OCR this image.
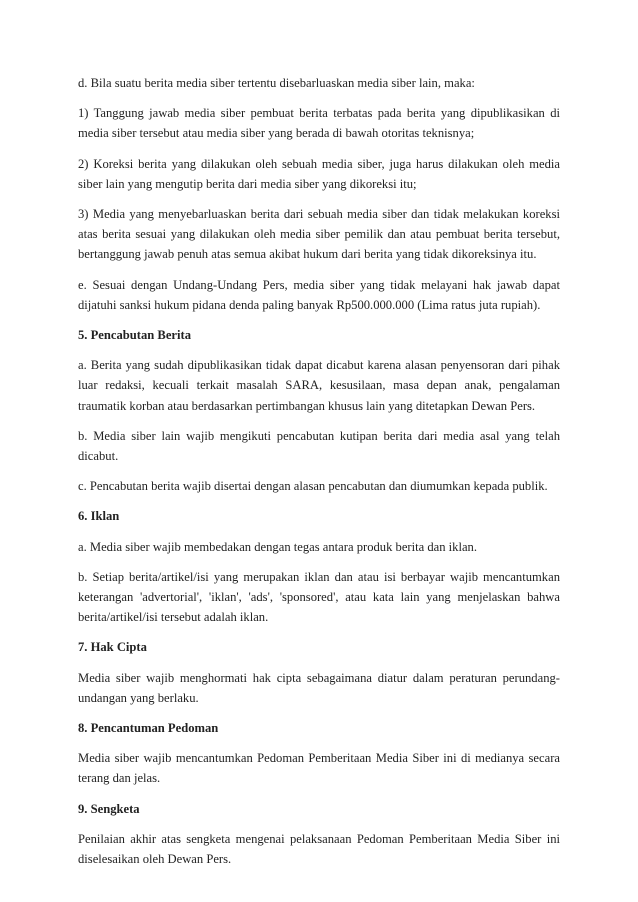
d. Bila suatu berita media siber tertentu disebarluaskan media siber lain, maka:

1) Tanggung jawab media siber pembuat berita terbatas pada berita yang dipublikasikan di media siber tersebut atau media siber yang berada di bawah otoritas teknisnya;

2) Koreksi berita yang dilakukan oleh sebuah media siber, juga harus dilakukan oleh media siber lain yang mengutip berita dari media siber yang dikoreksi itu;

3) Media yang menyebarluaskan berita dari sebuah media siber dan tidak melakukan koreksi atas berita sesuai yang dilakukan oleh media siber pemilik dan atau pembuat berita tersebut, bertanggung jawab penuh atas semua akibat hukum dari berita yang tidak dikoreksinya itu.

e. Sesuai dengan Undang-Undang Pers, media siber yang tidak melayani hak jawab dapat dijatuhi sanksi hukum pidana denda paling banyak Rp500.000.000 (Lima ratus juta rupiah).

5. Pencabutan Berita

a. Berita yang sudah dipublikasikan tidak dapat dicabut karena alasan penyensoran dari pihak luar redaksi, kecuali terkait masalah SARA, kesusilaan, masa depan anak, pengalaman traumatik korban atau berdasarkan pertimbangan khusus lain yang ditetapkan Dewan Pers.

b. Media siber lain wajib mengikuti pencabutan kutipan berita dari media asal yang telah dicabut.

c. Pencabutan berita wajib disertai dengan alasan pencabutan dan diumumkan kepada publik.

6. Iklan

a. Media siber wajib membedakan dengan tegas antara produk berita dan iklan.

b. Setiap berita/artikel/isi yang merupakan iklan dan atau isi berbayar wajib mencantumkan keterangan 'advertorial', 'iklan', 'ads', 'sponsored', atau kata lain yang menjelaskan bahwa berita/artikel/isi tersebut adalah iklan.

7. Hak Cipta

Media siber wajib menghormati hak cipta sebagaimana diatur dalam peraturan perundang-undangan yang berlaku.

8. Pencantuman Pedoman

Media siber wajib mencantumkan Pedoman Pemberitaan Media Siber ini di medianya secara terang dan jelas.

9. Sengketa

Penilaian akhir atas sengketa mengenai pelaksanaan Pedoman Pemberitaan Media Siber ini diselesaikan oleh Dewan Pers.
